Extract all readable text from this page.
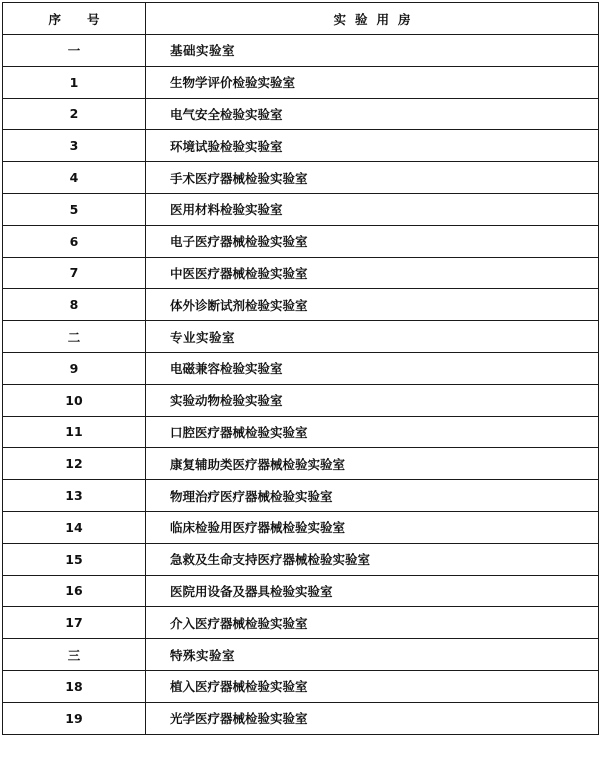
序号	实验用房
一	基础实验室
1	生物学评价检验实验室
2	电气安全检验实验室
3	环境试验检验实验室
4	手术医疗器械检验实验室
5	医用材料检验实验室
6	电子医疗器械检验实验室
7	中医医疗器械检验实验室
8	体外诊断试剂检验实验室
二	专业实验室
9	电磁兼容检验实验室
10	实验动物检验实验室
11	口腔医疗器械检验实验室
12	康复辅助类医疗器械检验实验室
13	物理治疗医疗器械检验实验室
14	临床检验用医疗器械检验实验室
15	急救及生命支持医疗器械检验实验室
16	医院用设备及器具检验实验室
17	介入医疗器械检验实验室
三	特殊实验室
18	植入医疗器械检验实验室
19	光学医疗器械检验实验室
